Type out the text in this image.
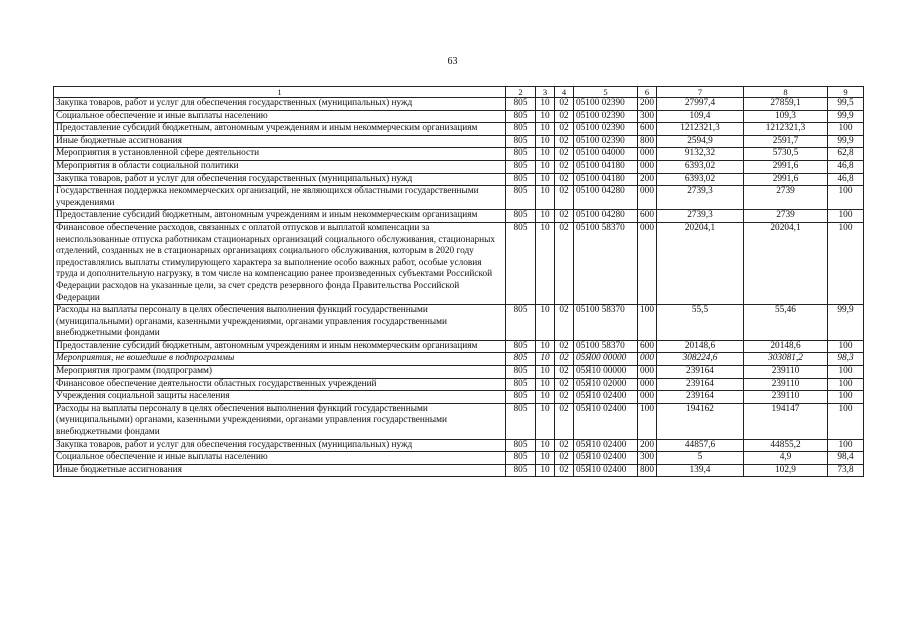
63
1	2	3	4	5	6	7	8	9
Закупка товаров, работ и услуг для обеспечения государственных (муниципальных) нужд	805	10	02	05100 02390	200	27997,4	27859,1	99,5
Социальное обеспечение и иные выплаты населению	805	10	02	05100 02390	300	109,4	109,3	99,9
Предоставление субсидий бюджетным, автономным учреждениям и иным некоммерческим организациям	805	10	02	05100 02390	600	1212321,3	1212321,3	100
Иные бюджетные ассигнования	805	10	02	05100 02390	800	2594,9	2591,7	99,9
Мероприятия в установленной сфере деятельности	805	10	02	05100 04000	000	9132,32	5730,5	62,8
Мероприятия в области социальной политики	805	10	02	05100 04180	000	6393,02	2991,6	46,8
Закупка товаров, работ и услуг для обеспечения государственных (муниципальных) нужд	805	10	02	05100 04180	200	6393,02	2991,6	46,8
Государственная поддержка некоммерческих организаций, не являющихся областными государственными учреждениями	805	10	02	05100 04280	000	2739,3	2739	100
Предоставление субсидий бюджетным, автономным учреждениям и иным некоммерческим организациям	805	10	02	05100 04280	600	2739,3	2739	100
Финансовое обеспечение расходов, связанных с оплатой отпусков и выплатой компенсации за неиспользованные отпуска работникам стационарных организаций социального обслуживания, стационарных отделений, созданных не в стационарных организациях социального обслуживания, которым в 2020 году предоставлялись выплаты стимулирующего характера за выполнение особо важных работ, особые условия труда и дополнительную нагрузку, в том числе на компенсацию ранее произведенных субъектами Российской Федерации расходов на указанные цели, за счет средств резервного фонда Правительства Российской Федерации	805	10	02	05100 58370	000	20204,1	20204,1	100
Расходы на выплаты персоналу в целях обеспечения выполнения функций государственными (муниципальными) органами, казенными учреждениями, органами управления государственными внебюджетными фондами	805	10	02	05100 58370	100	55,5	55,46	99,9
Предоставление субсидий бюджетным, автономным учреждениям и иным некоммерческим организациям	805	10	02	05100 58370	600	20148,6	20148,6	100
Мероприятия, не вошедшие в подпрограммы	805	10	02	05Я00 00000	000	308224,6	303081,2	98,3
Мероприятия программ (подпрограмм)	805	10	02	05Я10 00000	000	239164	239110	100
Финансовое обеспечение деятельности областных государственных учреждений	805	10	02	05Я10 02000	000	239164	239110	100
Учреждения социальной защиты населения	805	10	02	05Я10 02400	000	239164	239110	100
Расходы на выплаты персоналу в целях обеспечения выполнения функций государственными (муниципальными) органами, казенными учреждениями, органами управления государственными внебюджетными фондами	805	10	02	05Я10 02400	100	194162	194147	100
Закупка товаров, работ и услуг для обеспечения государственных (муниципальных) нужд	805	10	02	05Я10 02400	200	44857,6	44855,2	100
Социальное обеспечение и иные выплаты населению	805	10	02	05Я10 02400	300	5	4,9	98,4
Иные бюджетные ассигнования	805	10	02	05Я10 02400	800	139,4	102,9	73,8
